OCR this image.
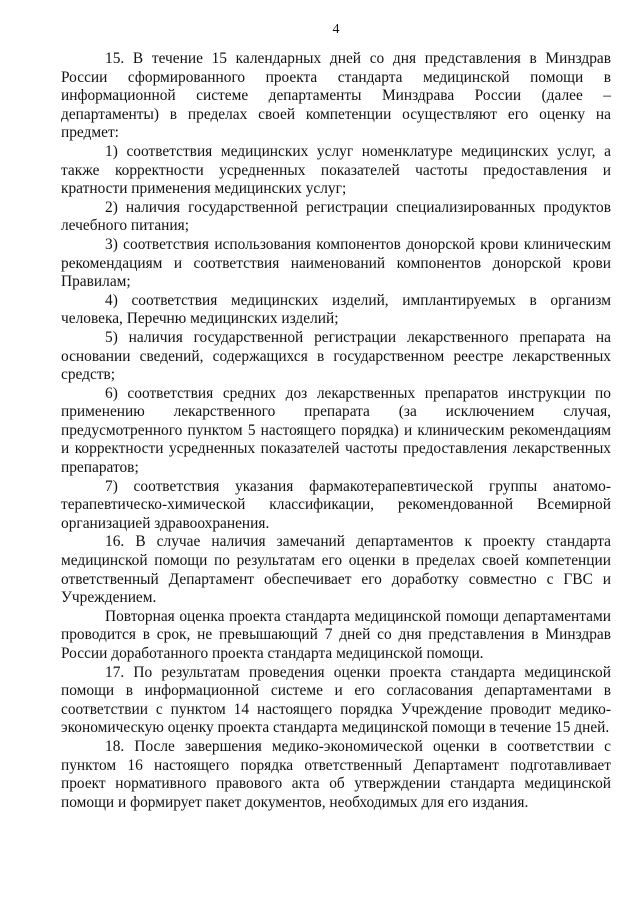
4

15. В течение 15 календарных дней со дня представления в Минздрав России сформированного проекта стандарта медицинской помощи в информационной системе департаменты Минздрава России (далее – департаменты) в пределах своей компетенции осуществляют его оценку на предмет:

1) соответствия медицинских услуг номенклатуре медицинских услуг, а также корректности усредненных показателей частоты предоставления и кратности применения медицинских услуг;

2) наличия государственной регистрации специализированных продуктов лечебного питания;

3) соответствия использования компонентов донорской крови клиническим рекомендациям и соответствия наименований компонентов донорской крови Правилам;

4) соответствия медицинских изделий, имплантируемых в организм человека, Перечню медицинских изделий;

5) наличия государственной регистрации лекарственного препарата на основании сведений, содержащихся в государственном реестре лекарственных средств;

6) соответствия средних доз лекарственных препаратов инструкции по применению лекарственного препарата (за исключением случая, предусмотренного пунктом 5 настоящего порядка) и клиническим рекомендациям и корректности усредненных показателей частоты предоставления лекарственных препаратов;

7) соответствия указания фармакотерапевтической группы анатомо-терапевтическо-химической классификации, рекомендованной Всемирной организацией здравоохранения.

16. В случае наличия замечаний департаментов к проекту стандарта медицинской помощи по результатам его оценки в пределах своей компетенции ответственный Департамент обеспечивает его доработку совместно с ГВС и Учреждением.

Повторная оценка проекта стандарта медицинской помощи департаментами проводится в срок, не превышающий 7 дней со дня представления в Минздрав России доработанного проекта стандарта медицинской помощи.

17. По результатам проведения оценки проекта стандарта медицинской помощи в информационной системе и его согласования департаментами в соответствии с пунктом 14 настоящего порядка Учреждение проводит медико-экономическую оценку проекта стандарта медицинской помощи в течение 15 дней.

18. После завершения медико-экономической оценки в соответствии с пунктом 16 настоящего порядка ответственный Департамент подготавливает проект нормативного правового акта об утверждении стандарта медицинской помощи и формирует пакет документов, необходимых для его издания.
